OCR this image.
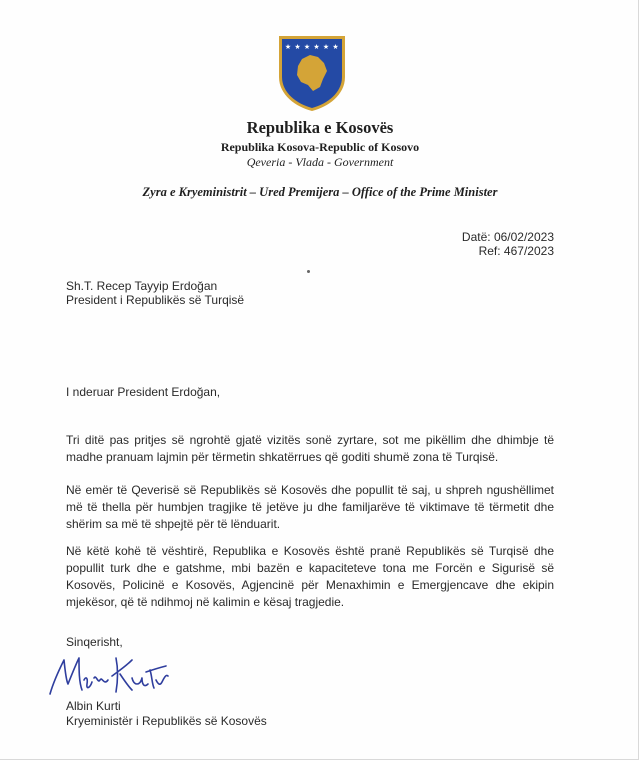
★ ★ ★ ★ ★ ★
Republika e Kosovës
Republika Kosova-Republic of Kosovo
Qeveria - Vlada - Government
Zyra e Kryeministrit – Ured Premijera – Office of the Prime Minister
Datë: 06/02/2023
Ref: 467/2023
Sh.T. Recep Tayyip Erdoğan
President i Republikës së Turqisë
I nderuar President Erdoğan,

Tri ditë pas pritjes së ngrohtë gjatë vizitës sonë zyrtare, sot me pikëllim dhe dhimbje të madhe pranuam lajmin për tërmetin shkatërrues që goditi shumë zona të Turqisë.

Në emër të Qeverisë së Republikës së Kosovës dhe popullit të saj, u shpreh ngushëllimet më të thella për humbjen tragjike të jetëve ju dhe familjarëve të viktimave të tërmetit dhe shërim sa më të shpejtë për të lënduarit.

Në këtë kohë të vështirë, Republika e Kosovës është pranë Republikës së Turqisë dhe popullit turk dhe e gatshme, mbi bazën e kapaciteteve tona me Forcën e Sigurisë së Kosovës, Policinë e Kosovës, Agjencinë për Menaxhimin e Emergjencave dhe ekipin mjekësor, që të ndihmoj në kalimin e kësaj tragjedie.

Sinqerisht,
Albin Kurti
Kryeministër i Republikës së Kosovës
